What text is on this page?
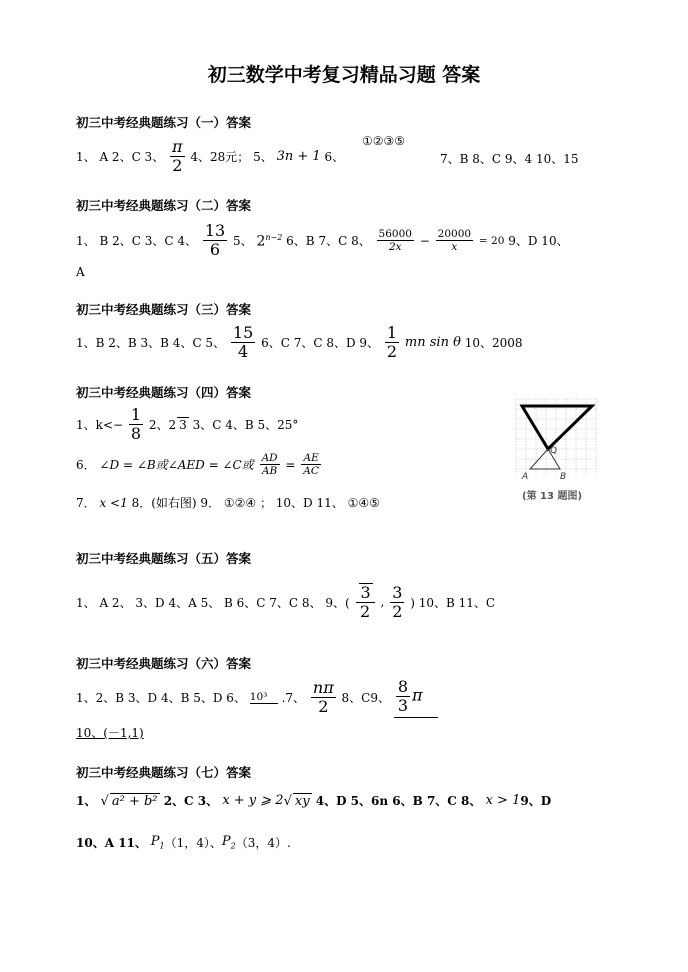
初三数学中考复习精品习题 答案
初三中考经典题练习（一）答案
1、 A 2、C 3、 $\frac{\pi}{2} 4$、28元； 5、 3n + 1 6、
①②③⑤
7、B 8、C 9、4 10、15
初三中考经典题练习（二）答案
1、 B 2、C 3、C 4、 $\frac{13}{6} 5$、 $2^{n-2}$ 6、B 7、C 8、 $\frac{56000}{2x} - \frac{20000}{x} = 20$ 9、D 10、
A
初三中考经典题练习（三）答案
1、B 2、B 3、B 4、C 5、 $\frac{15}{4} 6$、C 7、C 8、D 9、 $\frac{1}{2}$ mn sin θ 10、2008
初三中考经典题练习（四）答案
1、$k<- \frac{1}{8} 2$、2 3 3、C 4、B 5、25°
6． ∠D = ∠B或∠AED = ∠C或 $\frac{AD}{AB} = \frac{AE}{AC}$
7． x <1 8．(如右图) 9． ①②④ ； 10、D 11、 ①④⑤
Q
A	B
(第 13 题图)
初三中考经典题练习（五）答案
1、 A 2、 3、D 4、A 5、 B 6、C 7、C 8、 9、( $\frac{3}{2}$ , $\frac{3}{2}$ ) 10、B 11、C
初三中考经典题练习（六）答案
1、2、B 3、D 4、B 5、D 6、 10³ .7、 $\frac{n\pi}{2} 8$、C9、 $\frac{8}{3}$ π
10、(－1,1)
初三中考经典题练习（七）答案
1、 √ a² + b² 2、C 3、 x + y ⩾ 2√ xy 4、D 5、6n 6、B 7、C 8、 x > 19、D
10、A 11、 $P_1(1$，4）、$P_2(3$，4）.
